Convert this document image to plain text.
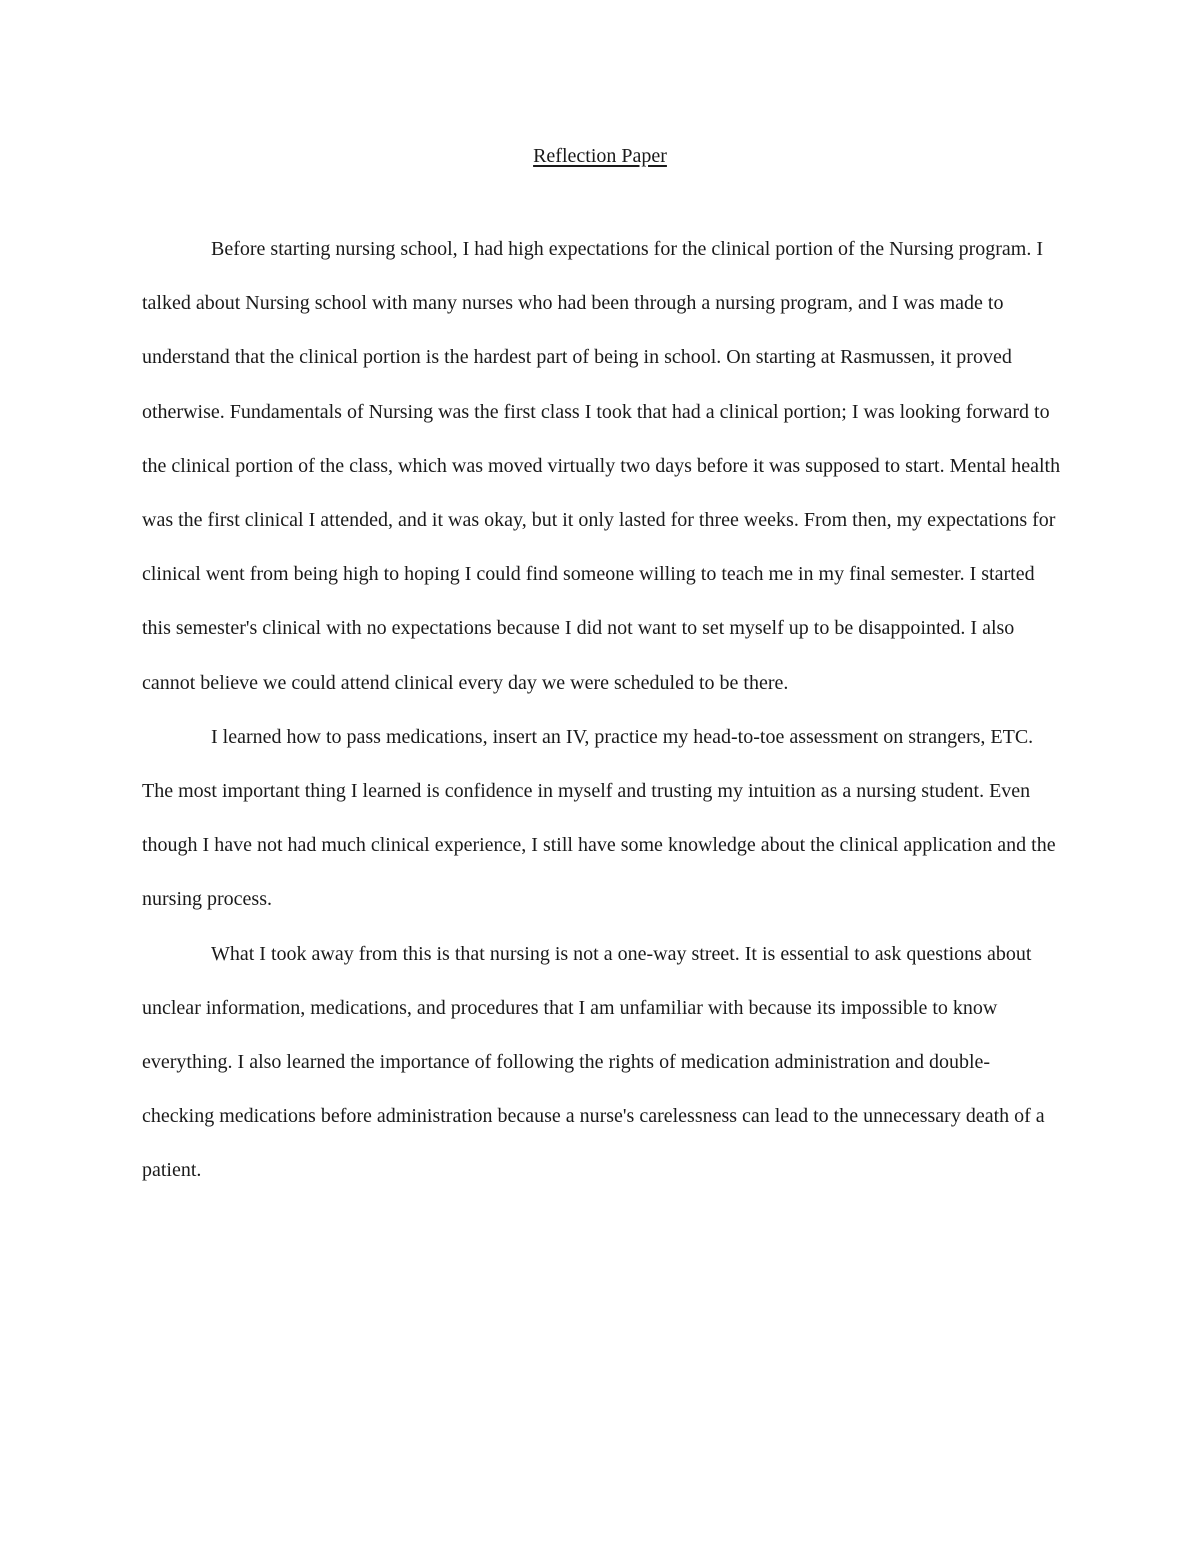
Reflection Paper

Before starting nursing school, I had high expectations for the clinical portion of the Nursing program. I talked about Nursing school with many nurses who had been through a nursing program, and I was made to understand that the clinical portion is the hardest part of being in school. On starting at Rasmussen, it proved otherwise. Fundamentals of Nursing was the first class I took that had a clinical portion; I was looking forward to the clinical portion of the class, which was moved virtually two days before it was supposed to start. Mental health was the first clinical I attended, and it was okay, but it only lasted for three weeks. From then, my expectations for clinical went from being high to hoping I could find someone willing to teach me in my final semester. I started this semester's clinical with no expectations because I did not want to set myself up to be disappointed. I also cannot believe we could attend clinical every day we were scheduled to be there.

I learned how to pass medications, insert an IV, practice my head-to-toe assessment on strangers, ETC. The most important thing I learned is confidence in myself and trusting my intuition as a nursing student. Even though I have not had much clinical experience, I still have some knowledge about the clinical application and the nursing process.

What I took away from this is that nursing is not a one-way street. It is essential to ask questions about unclear information, medications, and procedures that I am unfamiliar with because its impossible to know everything. I also learned the importance of following the rights of medication administration and double-checking medications before administration because a nurse's carelessness can lead to the unnecessary death of a patient.
